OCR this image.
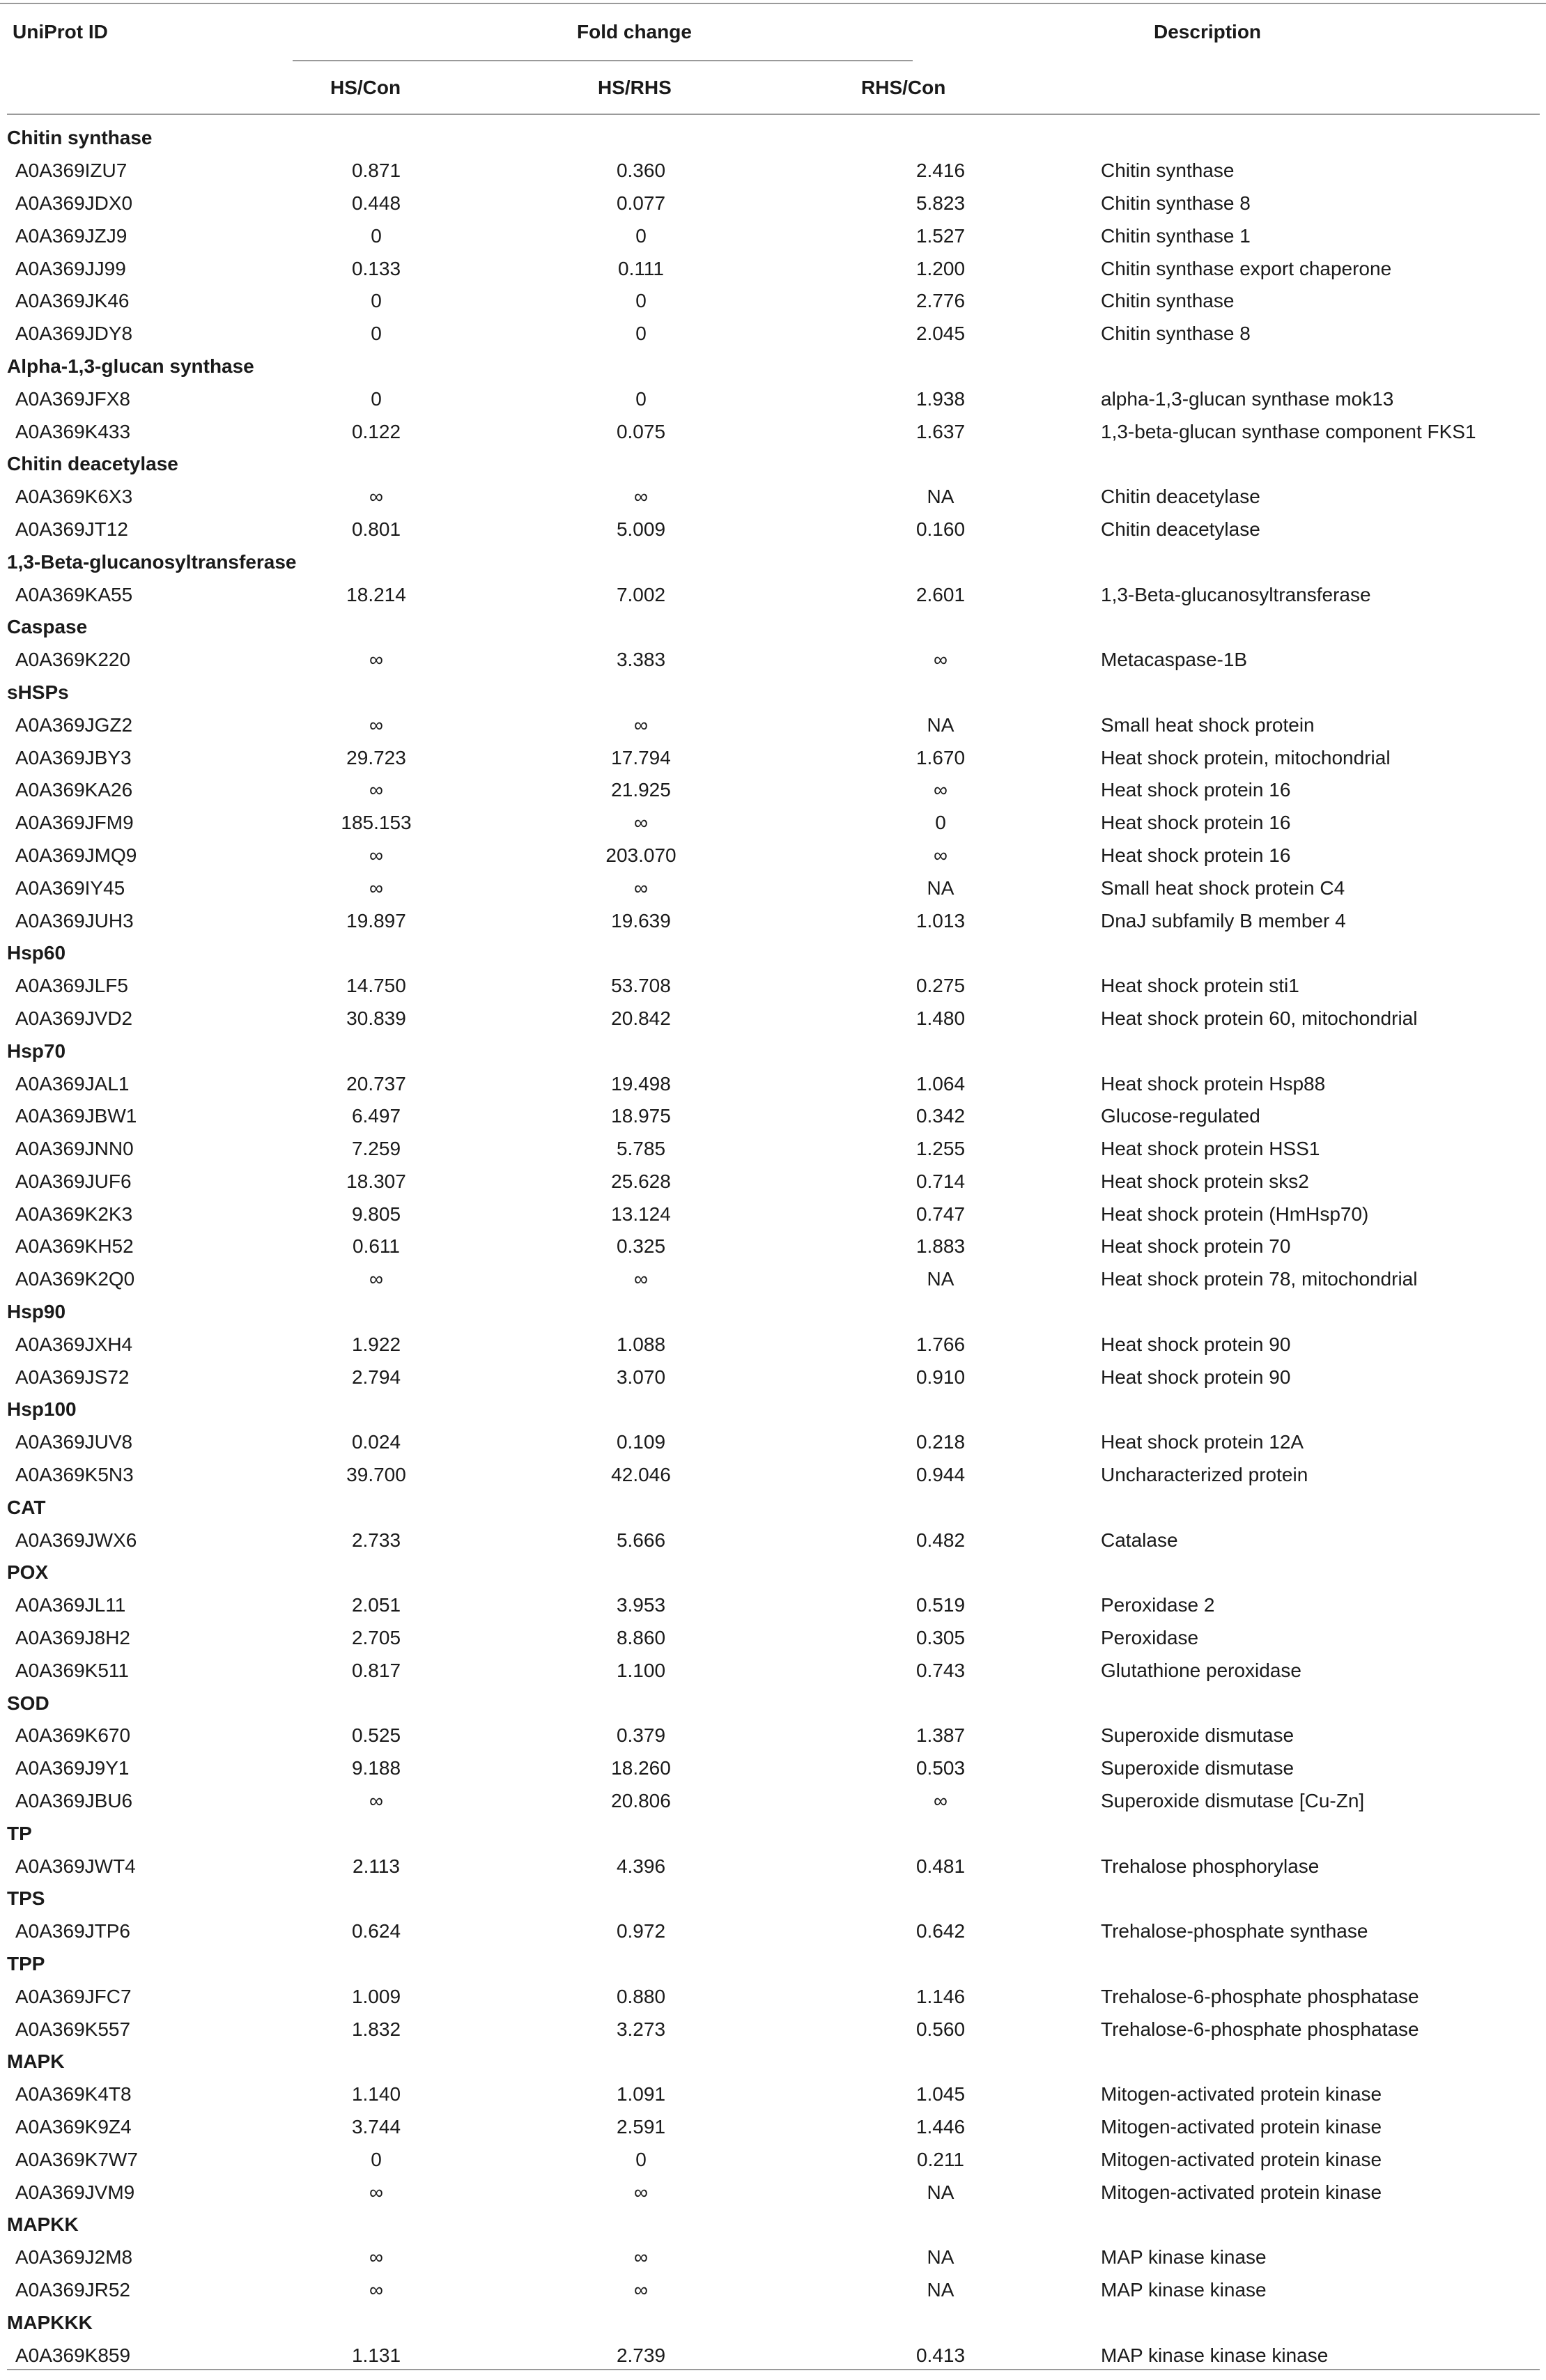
UniProt ID	Fold change	Description
HS/Con	HS/RHS	RHS/Con
Chitin synthase				
A0A369IZU7	0.871	0.360	2.416	Chitin synthase
A0A369JDX0	0.448	0.077	5.823	Chitin synthase 8
A0A369JZJ9	0	0	1.527	Chitin synthase 1
A0A369JJ99	0.133	0.111	1.200	Chitin synthase export chaperone
A0A369JK46	0	0	2.776	Chitin synthase
A0A369JDY8	0	0	2.045	Chitin synthase 8
Alpha-1,3-glucan synthase				
A0A369JFX8	0	0	1.938	alpha-1,3-glucan synthase mok13
A0A369K433	0.122	0.075	1.637	1,3-beta-glucan synthase component FKS1
Chitin deacetylase				
A0A369K6X3	∞	∞	NA	Chitin deacetylase
A0A369JT12	0.801	5.009	0.160	Chitin deacetylase
1,3-Beta-glucanosyltransferase				
A0A369KA55	18.214	7.002	2.601	1,3-Beta-glucanosyltransferase
Caspase				
A0A369K220	∞	3.383	∞	Metacaspase-1B
sHSPs				
A0A369JGZ2	∞	∞	NA	Small heat shock protein
A0A369JBY3	29.723	17.794	1.670	Heat shock protein, mitochondrial
A0A369KA26	∞	21.925	∞	Heat shock protein 16
A0A369JFM9	185.153	∞	0	Heat shock protein 16
A0A369JMQ9	∞	203.070	∞	Heat shock protein 16
A0A369IY45	∞	∞	NA	Small heat shock protein C4
A0A369JUH3	19.897	19.639	1.013	DnaJ subfamily B member 4
Hsp60				
A0A369JLF5	14.750	53.708	0.275	Heat shock protein sti1
A0A369JVD2	30.839	20.842	1.480	Heat shock protein 60, mitochondrial
Hsp70				
A0A369JAL1	20.737	19.498	1.064	Heat shock protein Hsp88
A0A369JBW1	6.497	18.975	0.342	Glucose-regulated
A0A369JNN0	7.259	5.785	1.255	Heat shock protein HSS1
A0A369JUF6	18.307	25.628	0.714	Heat shock protein sks2
A0A369K2K3	9.805	13.124	0.747	Heat shock protein (HmHsp70)
A0A369KH52	0.611	0.325	1.883	Heat shock protein 70
A0A369K2Q0	∞	∞	NA	Heat shock protein 78, mitochondrial
Hsp90				
A0A369JXH4	1.922	1.088	1.766	Heat shock protein 90
A0A369JS72	2.794	3.070	0.910	Heat shock protein 90
Hsp100				
A0A369JUV8	0.024	0.109	0.218	Heat shock protein 12A
A0A369K5N3	39.700	42.046	0.944	Uncharacterized protein
CAT				
A0A369JWX6	2.733	5.666	0.482	Catalase
POX				
A0A369JL11	2.051	3.953	0.519	Peroxidase 2
A0A369J8H2	2.705	8.860	0.305	Peroxidase
A0A369K511	0.817	1.100	0.743	Glutathione peroxidase
SOD				
A0A369K670	0.525	0.379	1.387	Superoxide dismutase
A0A369J9Y1	9.188	18.260	0.503	Superoxide dismutase
A0A369JBU6	∞	20.806	∞	Superoxide dismutase [Cu-Zn]
TP				
A0A369JWT4	2.113	4.396	0.481	Trehalose phosphorylase
TPS				
A0A369JTP6	0.624	0.972	0.642	Trehalose-phosphate synthase
TPP				
A0A369JFC7	1.009	0.880	1.146	Trehalose-6-phosphate phosphatase
A0A369K557	1.832	3.273	0.560	Trehalose-6-phosphate phosphatase
MAPK				
A0A369K4T8	1.140	1.091	1.045	Mitogen-activated protein kinase
A0A369K9Z4	3.744	2.591	1.446	Mitogen-activated protein kinase
A0A369K7W7	0	0	0.211	Mitogen-activated protein kinase
A0A369JVM9	∞	∞	NA	Mitogen-activated protein kinase
MAPKK				
A0A369J2M8	∞	∞	NA	MAP kinase kinase
A0A369JR52	∞	∞	NA	MAP kinase kinase
MAPKKK				
A0A369K859	1.131	2.739	0.413	MAP kinase kinase kinase
